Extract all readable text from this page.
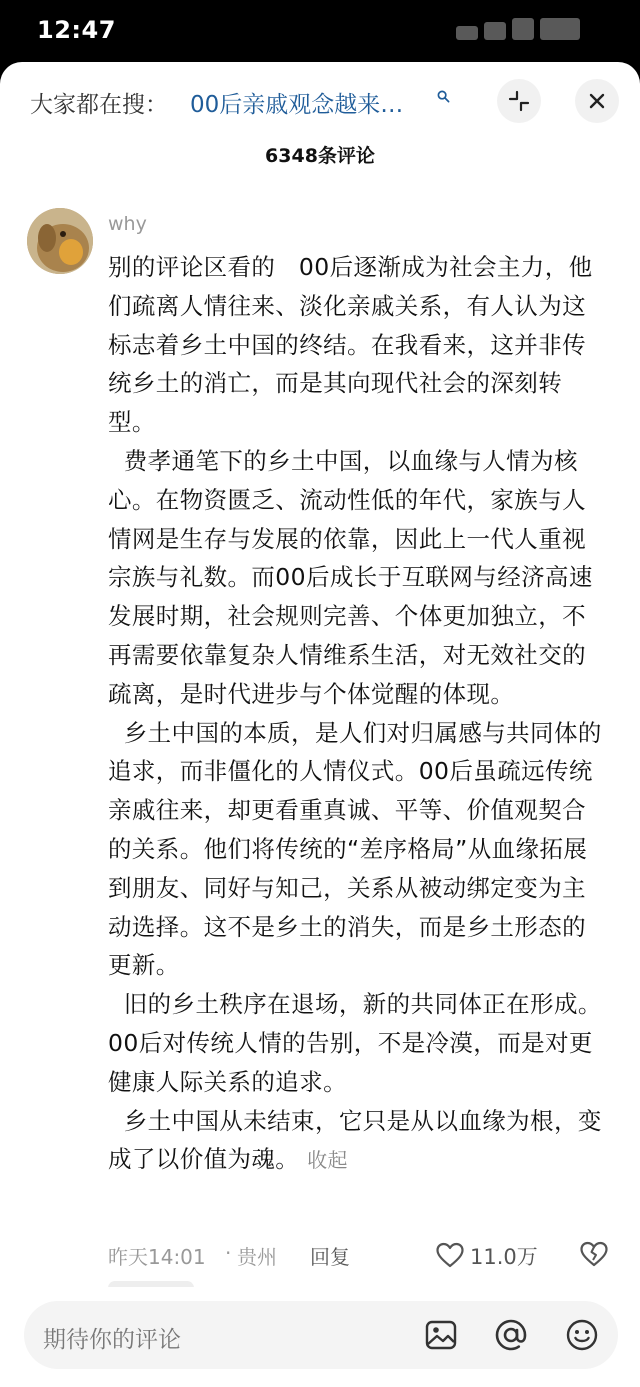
12:47
大家都在搜： 00后亲戚观念越来…
6348条评论
why
别的评论区看的   00后逐渐成为社会主力，他们疏离人情往来、淡化亲戚关系，有人认为这标志着乡土中国的终结。在我看来，这并非传统乡土的消亡，而是其向现代社会的深刻转型。
费孝通笔下的乡土中国，以血缘与人情为核心。在物资匮乏、流动性低的年代，家族与人情网是生存与发展的依靠，因此上一代人重视宗族与礼数。而00后成长于互联网与经济高速发展时期，社会规则完善、个体更加独立，不再需要依靠复杂人情维系生活，对无效社交的疏离，是时代进步与个体觉醒的体现。
乡土中国的本质，是人们对归属感与共同体的追求，而非僵化的人情仪式。00后虽疏远传统亲戚往来，却更看重真诚、平等、价值观契合的关系。他们将传统的“差序格局”从血缘拓展到朋友、同好与知己，关系从被动绑定变为主动选择。这不是乡土的消失，而是乡土形态的更新。
旧的乡土秩序在退场，新的共同体正在形成。00后对传统人情的告别，不是冷漠，而是对更健康人际关系的追求。
乡土中国从未结束，它只是从以血缘为根，变成了以价值为魂。 收起
昨天14:01 · 贵州 回复	11.0万
期待你的评论
